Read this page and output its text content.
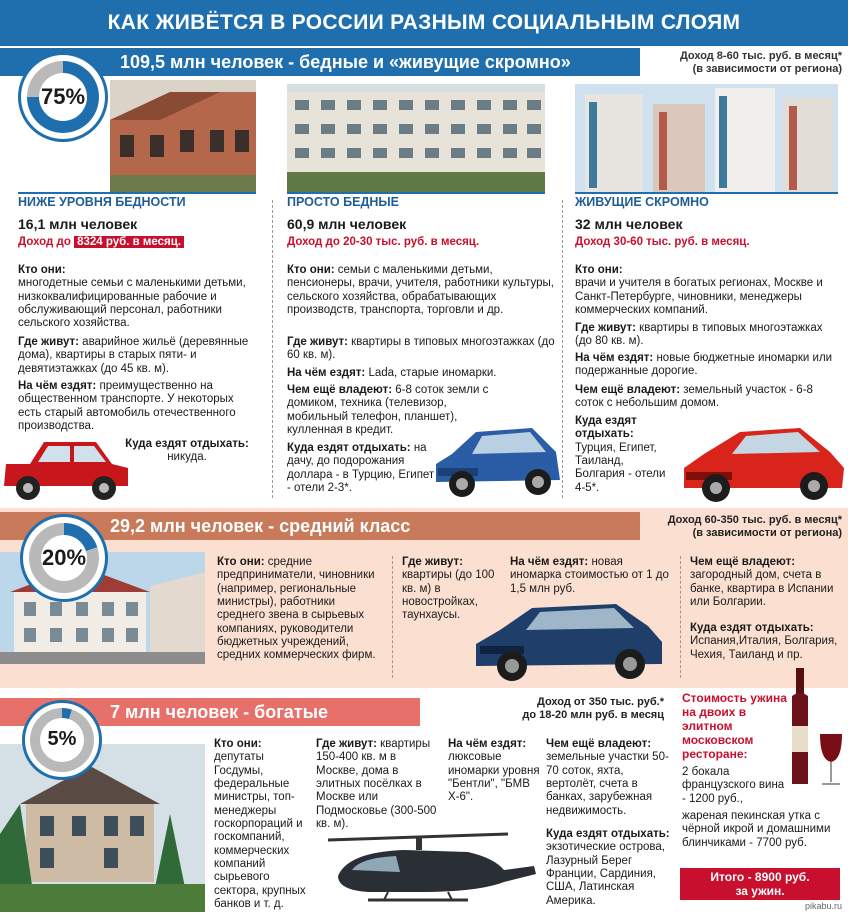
КАК ЖИВЁТСЯ В РОССИИ РАЗНЫМ СОЦИАЛЬНЫМ СЛОЯМ
109,5 млн человек - бедные и «живущие скромно»	Доход 8-60 тыс. руб. в месяц*
(в зависимости от региона)
75%
НИЖЕ УРОВНЯ БЕДНОСТИ
16,1 млн человек
Доход до 8324 руб. в месяц.
Кто они:
многодетные семьи с маленькими детьми, низкоквалифицированные рабочие и обслуживающий персонал, работники сельского хозяйства.
Где живут: аварийное жильё (деревянные дома), квартиры в старых пяти- и девятиэтажках (до 45 кв. м).
На чём ездят: преимущественно на общественном транспорте. У некоторых есть старый автомобиль отечественного производства.
Куда ездят отдыхать:
никуда.
ПРОСТО БЕДНЫЕ
60,9 млн человек
Доход до 20-30 тыс. руб. в месяц.
Кто они: семьи с маленькими детьми, пенсионеры, врачи, учителя, работники культуры, сельского хозяйства, обрабатывающих производств, транспорта, торговли и др.
Где живут: квартиры в типовых многоэтажках (до 60 кв. м).
На чём ездят: Lada, старые иномарки.
Чем ещё владеют: 6-8 соток земли с домиком, техника (телевизор, мобильный телефон, планшет), кулленная в кредит.
Куда ездят отдыхать: на дачу, до подорожания доллара - в Турцию, Египет - отели 2-3*.
ЖИВУЩИЕ СКРОМНО
32 млн человек
Доход 30-60 тыс. руб. в месяц.
Кто они:
врачи и учителя в богатых регионах, Москве и Санкт-Петербурге, чиновники, менеджеры коммерческих компаний.
Где живут: квартиры в типовых многоэтажках (до 80 кв. м).
На чём ездят: новые бюджетные иномарки или подержанные дорогие.
Чем ещё владеют: земельный участок - 6-8 соток с небольшим домом.
Куда ездят отдыхать:
Турция, Египет, Таиланд, Болгария - отели 4-5*.
29,2 млн человек - средний класс	Доход 60-350 тыс. руб. в месяц*
(в зависимости от региона)
20%	Кто они: средние предприниматели, чиновники (например, региональные министры), работники среднего звена в сырьевых компаниях, руководители бюджетных учреждений, средних коммерческих фирм.
Где живут:
квартиры (до 100 кв. м) в новостройках, таунхаусы.
На чём ездят: новая иномарка стоимостью от 1 до 1,5 млн руб.
Чем ещё владеют:
загородный дом, счета в банке, квартира в Испании или Болгарии.
Куда ездят отдыхать:
Испания,Италия, Болгария, Чехия, Таиланд и пр.
7 млн человек - богатые	Доход от 350 тыс. руб.*
до 18-20 млн руб. в месяц
5%	Кто они:
депутаты Госдумы, федеральные министры, топ-менеджеры госкорпораций и госкомпаний, коммерческих компаний сырьевого сектора, крупных банков и т. д.
Где живут: квартиры 150-400 кв. м в Москве, дома в элитных посёлках в Москве или Подмосковье (300-500 кв. м).
На чём ездят:
люксовые иномарки уровня "Бентли", "БМВ Х-6".
Чем ещё владеют:
земельные участки 50-70 соток, яхта, вертолёт, счета в банках, зарубежная недвижимость.
Куда ездят отдыхать:
экзотические острова, Лазурный Берег Франции, Сардиния, США, Латинская Америка.
Стоимость ужина на двоих в элитном московском ресторане:
2 бокала французского вина - 1200 руб.,
жареная пекинская утка с чёрной икрой и домашними блинчиками - 7700 руб.
Итого - 8900 руб.
за ужин.
pikabu.ru
